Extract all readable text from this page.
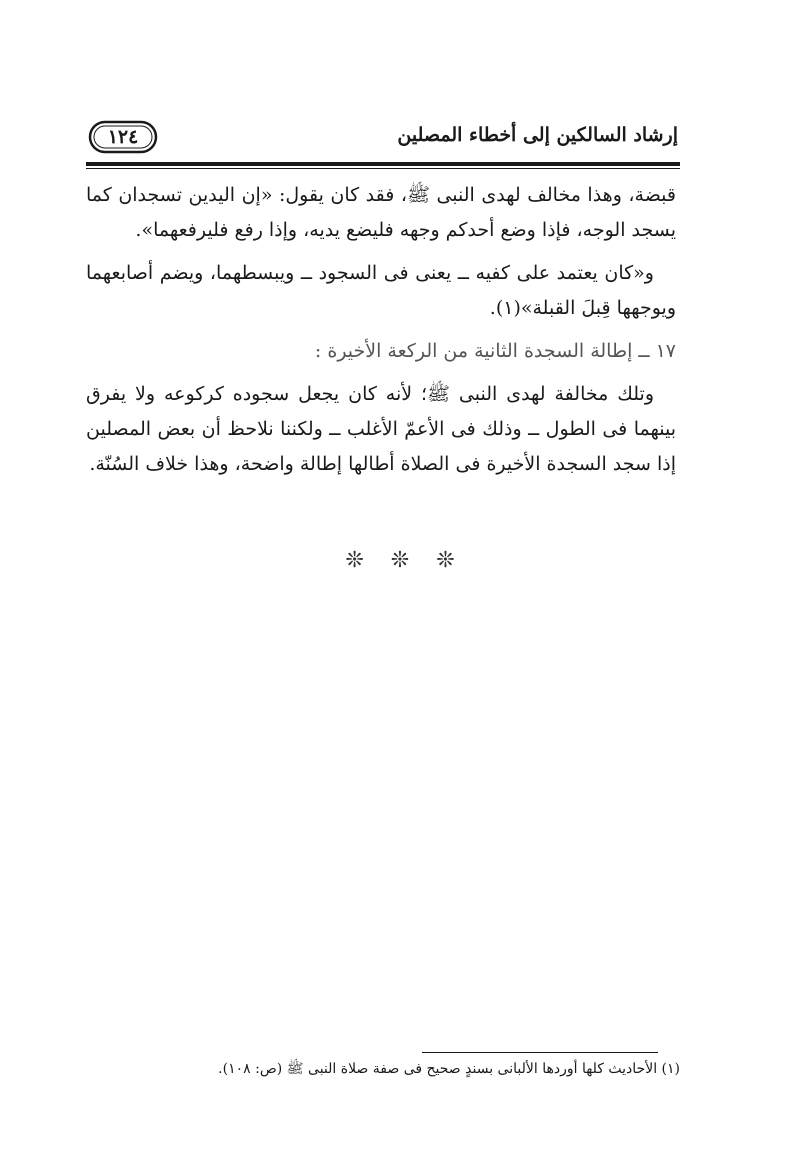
١٢٤	إرشاد السالكين إلى أخطاء المصلين

قبضة، وهذا مخالف لهدى النبى ﷺ، فقد كان يقول: «إن اليدين تسجدان كما يسجد الوجه، فإذا وضع أحدكم وجهه فليضع يديه، وإذا رفع فليرفعهما».

و«كان يعتمد على كفيه ــ يعنى فى السجود ــ ويبسطهما، ويضم أصابعهما ويوجهها قِبلَ القبلة»(١).

١٧ ــ إطالة السجدة الثانية من الركعة الأخيرة :

وتلك مخالفة لهدى النبى ﷺ؛ لأنه كان يجعل سجوده كركوعه ولا يفرق بينهما فى الطول ــ وذلك فى الأعمّ الأغلب ــ ولكننا نلاحظ أن بعض المصلين إذا سجد السجدة الأخيرة فى الصلاة أطالها إطالة واضحة، وهذا خلاف السُنّة.

❊ ❊ ❊
(١) الأحاديث كلها أوردها الألبانى بسندٍ صحيح فى صفة صلاة النبى ﷺ (ص: ١٠٨).
